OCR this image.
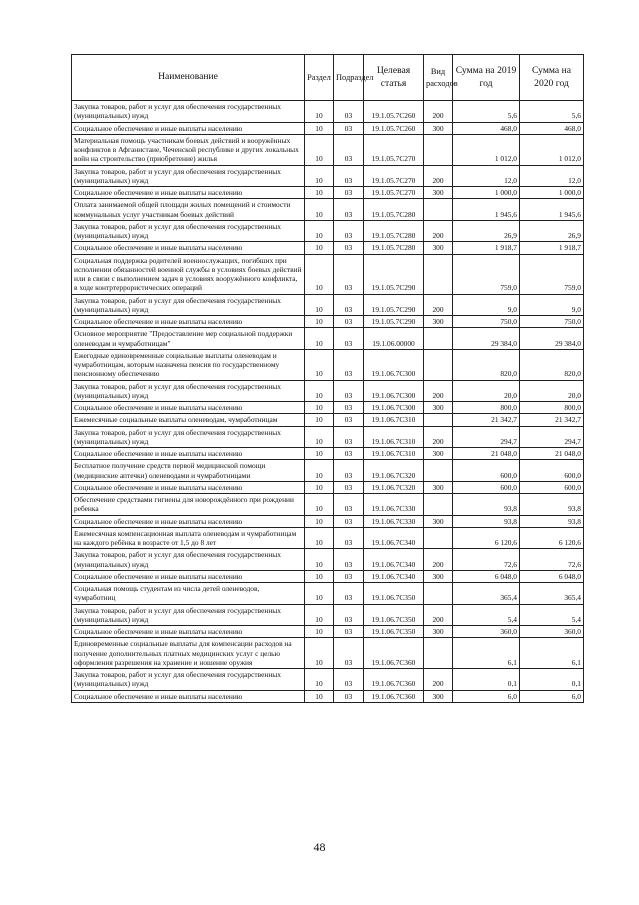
Наименование	Раздел	Подраздел	Целевая статья	Вид расходов	Сумма на 2019 год	Сумма на 2020 год
Закупка товаров, работ и услуг для обеспечения государственных (муниципальных) нужд	10	03	19.1.05.7С260	200	5,6	5,6
Социальное обеспечение и иные выплаты населению	10	03	19.1.05.7С260	300	468,0	468,0
Материальная помощь участникам боевых действий и вооружённых конфликтов в Афганистане, Чеченской республике и других локальных войн на строительство (приобретение) жилья	10	03	19.1.05.7С270		1 012,0	1 012,0
Закупка товаров, работ и услуг для обеспечения государственных (муниципальных) нужд	10	03	19.1.05.7С270	200	12,0	12,0
Социальное обеспечение и иные выплаты населению	10	03	19.1.05.7С270	300	1 000,0	1 000,0
Оплата занимаемой общей площади жилых помещений и стоимости коммунальных услуг участникам боевых действий	10	03	19.1.05.7С280		1 945,6	1 945,6
Закупка товаров, работ и услуг для обеспечения государственных (муниципальных) нужд	10	03	19.1.05.7С280	200	26,9	26,9
Социальное обеспечение и иные выплаты населению	10	03	19.1.05.7С280	300	1 918,7	1 918,7
Социальная поддержка родителей военнослужащих, погибших при исполнении обязанностей военной службы в условиях боевых действий или в связи с выполнением задач в условиях вооружённого конфликта, в ходе контртеррористических операций	10	03	19.1.05.7С290		759,0	759,0
Закупка товаров, работ и услуг для обеспечения государственных (муниципальных) нужд	10	03	19.1.05.7С290	200	9,0	9,0
Социальное обеспечение и иные выплаты населению	10	03	19.1.05.7С290	300	750,0	750,0
Основное мероприятие "Предоставление мер социальной поддержки оленеводам и чумработницам"	10	03	19.1.06.00000		29 384,0	29 384,0
Ежегодные единовременные социальные выплаты оленеводам и чумработницам, которым назначена пенсия по государственному пенсионному обеспечению	10	03	19.1.06.7С300		820,0	820,0
Закупка товаров, работ и услуг для обеспечения государственных (муниципальных) нужд	10	03	19.1.06.7С300	200	20,0	20,0
Социальное обеспечение и иные выплаты населению	10	03	19.1.06.7С300	300	800,0	800,0
Ежемесячные социальные выплаты оленеводам, чумработницам	10	03	19.1.06.7С310		21 342,7	21 342,7
Закупка товаров, работ и услуг для обеспечения государственных (муниципальных) нужд	10	03	19.1.06.7С310	200	294,7	294,7
Социальное обеспечение и иные выплаты населению	10	03	19.1.06.7С310	300	21 048,0	21 048,0
Бесплатное получение средств первой медицинской помощи (медицинские аптечки) оленеводами и чумработницами	10	03	19.1.06.7С320		600,0	600,0
Социальное обеспечение и иные выплаты населению	10	03	19.1.06.7С320	300	600,0	600,0
Обеспечение средствами гигиены для новорождённого при рождении ребенка	10	03	19.1.06.7С330		93,8	93,8
Социальное обеспечение и иные выплаты населению	10	03	19.1.06.7С330	300	93,8	93,8
Ежемесячная компенсационная выплата оленеводам и чумработницам на каждого ребёнка в возрасте от 1,5 до 8 лет	10	03	19.1.06.7С340		6 120,6	6 120,6
Закупка товаров, работ и услуг для обеспечения государственных (муниципальных) нужд	10	03	19.1.06.7С340	200	72,6	72,6
Социальное обеспечение и иные выплаты населению	10	03	19.1.06.7С340	300	6 048,0	6 048,0
Социальная помощь студентам из числа детей оленеводов, чумработниц	10	03	19.1.06.7С350		365,4	365,4
Закупка товаров, работ и услуг для обеспечения государственных (муниципальных) нужд	10	03	19.1.06.7С350	200	5,4	5,4
Социальное обеспечение и иные выплаты населению	10	03	19.1.06.7С350	300	360,0	360,0
Единовременные социальные выплаты для компенсации расходов на получение дополнительных платных медицинских услуг с целью оформления разрешения на хранение и ношение оружия	10	03	19.1.06.7С360		6,1	6,1
Закупка товаров, работ и услуг для обеспечения государственных (муниципальных) нужд	10	03	19.1.06.7С360	200	0,1	0,1
Социальное обеспечение и иные выплаты населению	10	03	19.1.06.7С360	300	6,0	6,0
48
